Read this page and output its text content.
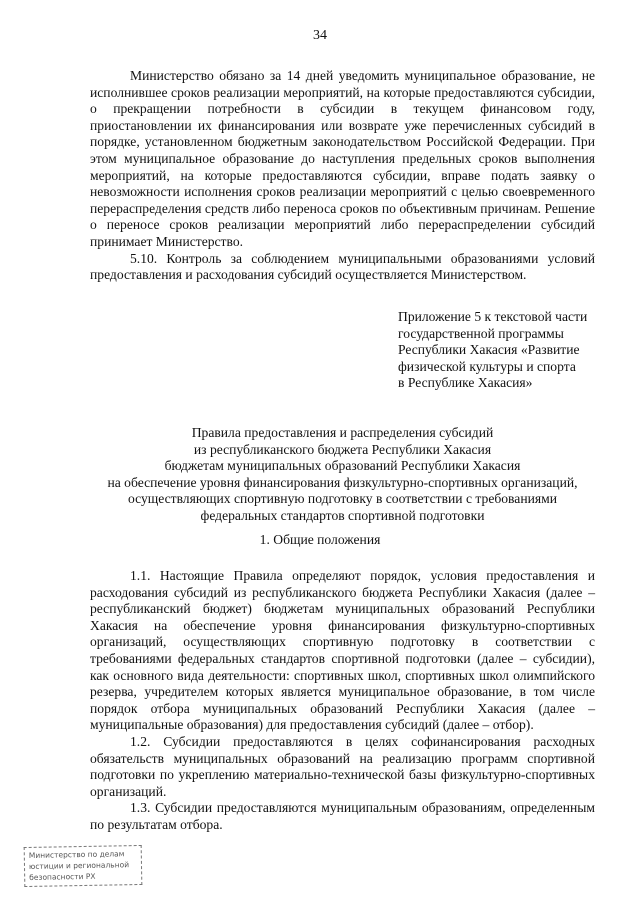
34

Министерство обязано за 14 дней уведомить муниципальное образование, не исполнившее сроков реализации мероприятий, на которые предоставляются субсидии, о прекращении потребности в субсидии в текущем финансовом году, приостановлении их финансирования или возврате уже перечисленных субсидий в порядке, установленном бюджетным законодательством Российской Федерации. При этом муниципальное образование до наступления предельных сроков выполнения мероприятий, на которые предоставляются субсидии, вправе подать заявку о невозможности исполнения сроков реализации мероприятий с целью своевременного перераспределения средств либо переноса сроков по объективным причинам. Решение о переносе сроков реализации мероприятий либо перераспределении субсидий принимает Министерство.

5.10. Контроль за соблюдением муниципальными образованиями условий предоставления и расходования субсидий осуществляется Министерством.

Приложение 5 к текстовой части
государственной программы
Республики Хакасия «Развитие
физической культуры и спорта
в Республике Хакасия»
Правила предоставления и распределения субсидий
из республиканского бюджета Республики Хакасия
бюджетам муниципальных образований Республики Хакасия
на обеспечение уровня финансирования физкультурно-спортивных организаций,
осуществляющих спортивную подготовку в соответствии с требованиями
федеральных стандартов спортивной подготовки
1. Общие положения

1.1. Настоящие Правила определяют порядок, условия предоставления и расходования субсидий из республиканского бюджета Республики Хакасия (далее – республиканский бюджет) бюджетам муниципальных образований Республики Хакасия на обеспечение уровня финансирования физкультурно-спортивных организаций, осуществляющих спортивную подготовку в соответствии с требованиями федеральных стандартов спортивной подготовки (далее – субсидии), как основного вида деятельности: спортивных школ, спортивных школ олимпийского резерва, учредителем которых является муниципальное образование, в том числе порядок отбора муниципальных образований Республики Хакасия (далее – муниципальные образования) для предоставления субсидий (далее – отбор).

1.2. Субсидии предоставляются в целях софинансирования расходных обязательств муниципальных образований на реализацию программ спортивной подготовки по укреплению материально-технической базы физкультурно-спортивных организаций.

1.3. Субсидии предоставляются муниципальным образованиям, определенным по результатам отбора.

Министерство по делам
юстиции и региональной
безопасности РХ
